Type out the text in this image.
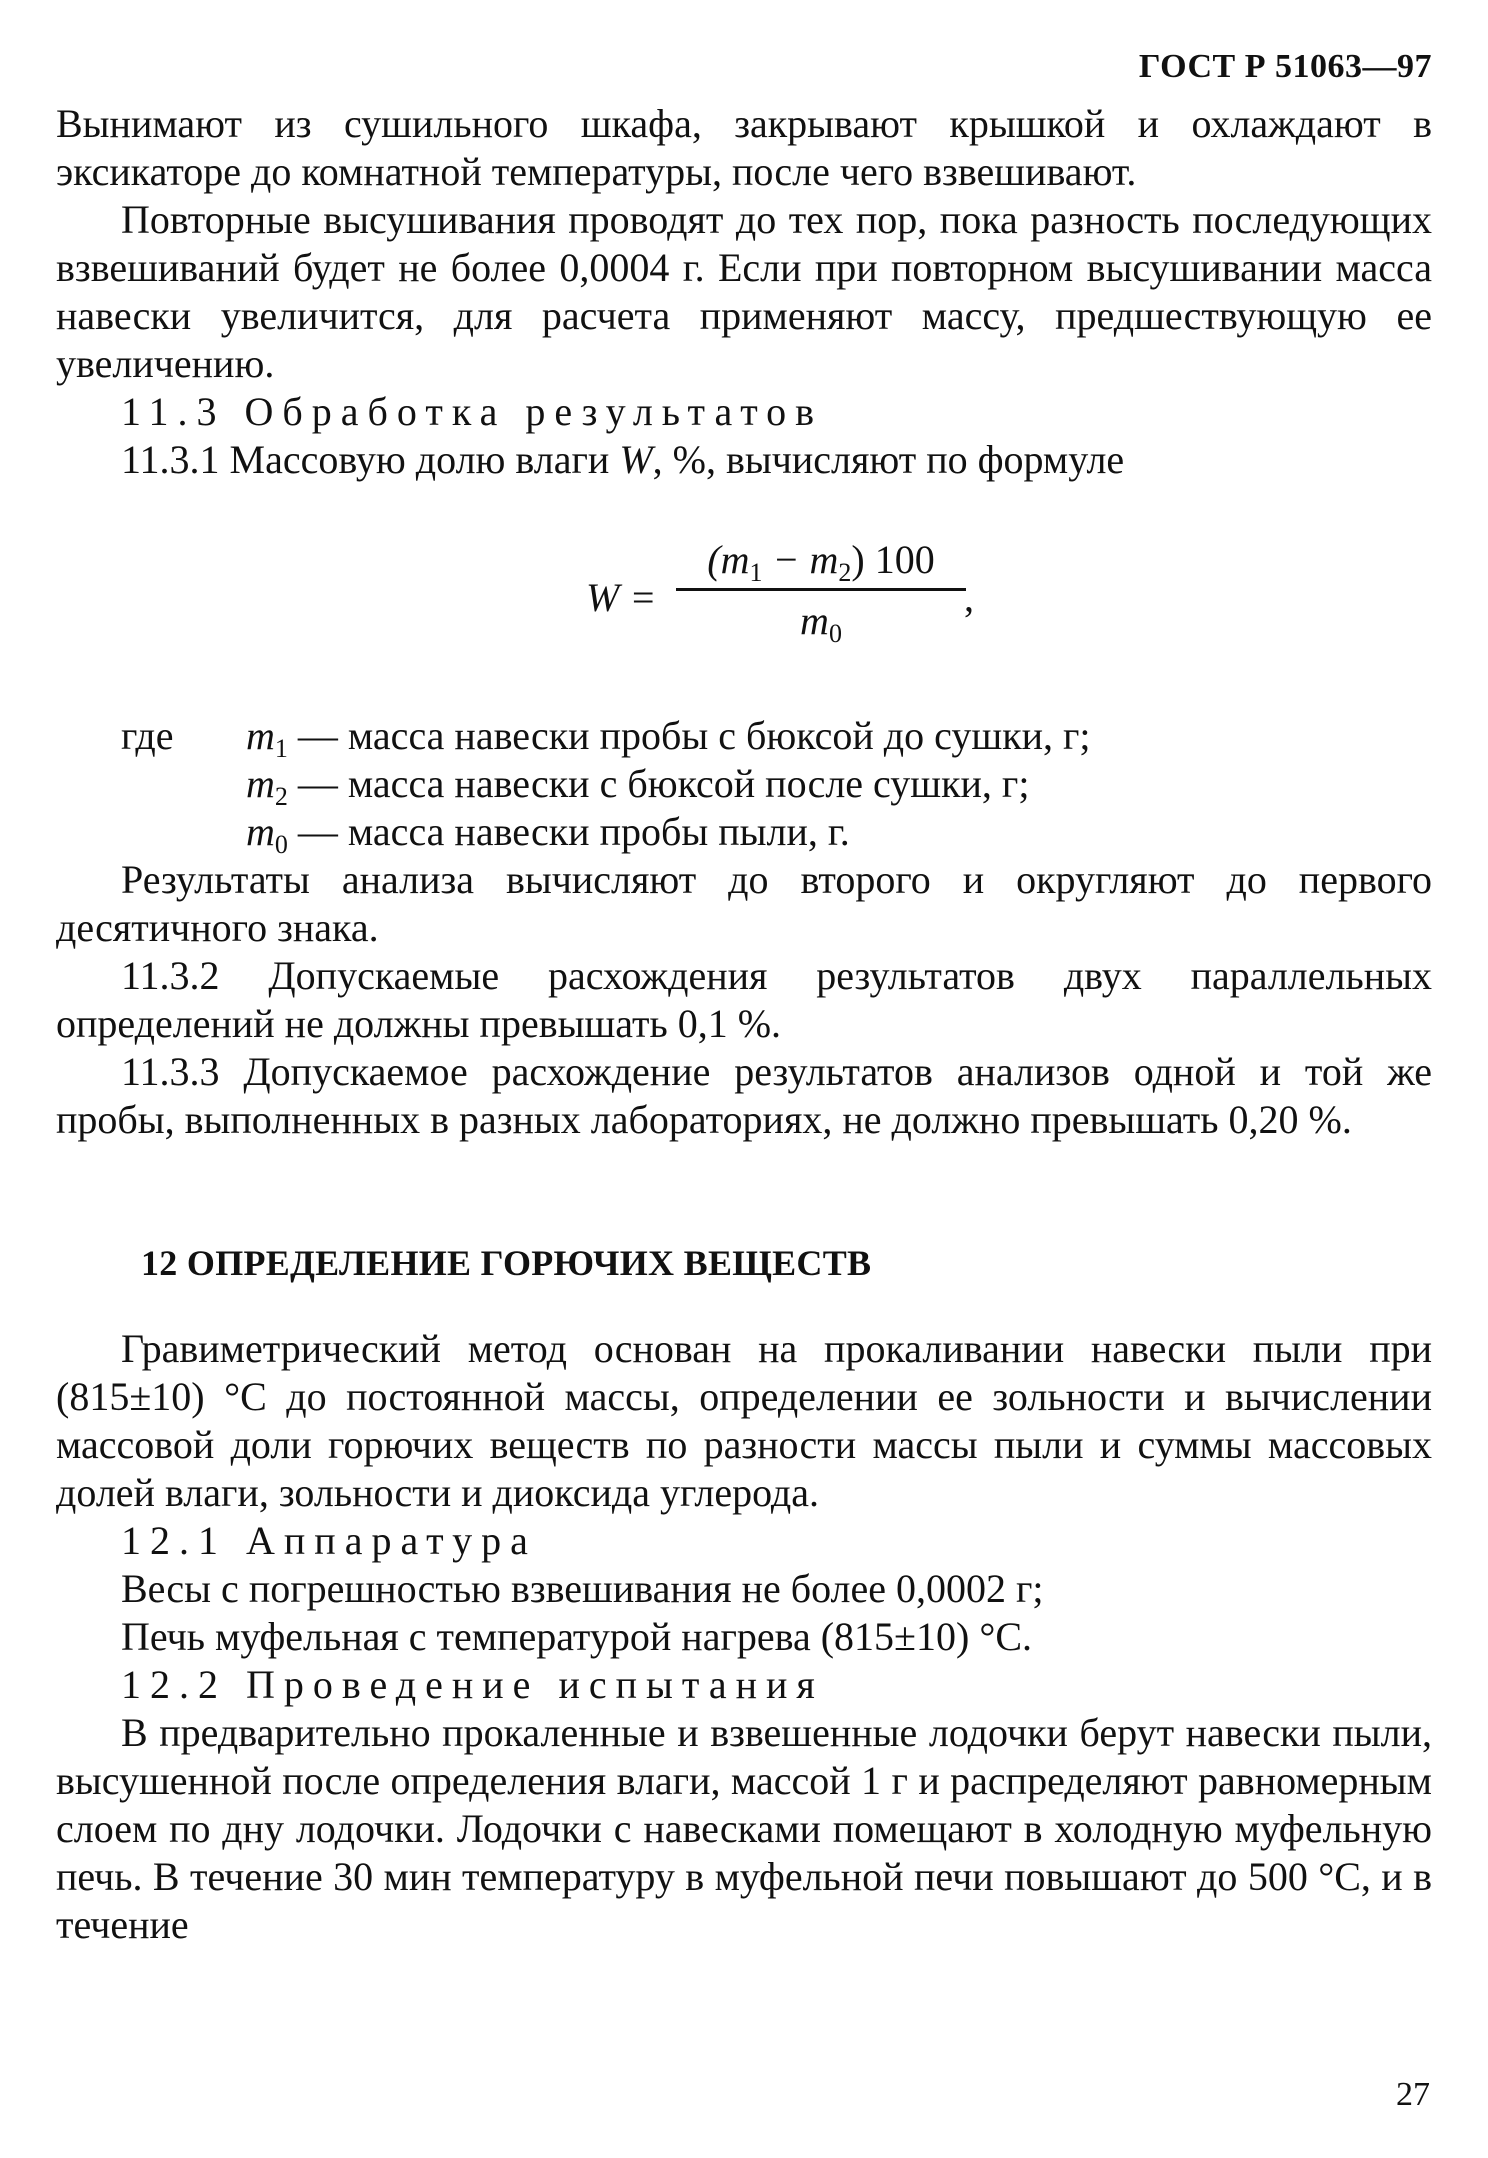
ГОСТ Р 51063—97

Вынимают из сушильного шкафа, закрывают крышкой и охлаждают в эксикаторе до комнатной температуры, после чего взвешивают.

Повторные высушивания проводят до тех пор, пока разность последующих взвешиваний будет не более 0,0004 г. Если при повторном высушивании масса навески увеличится, для расчета применяют массу, предшествующую ее увеличению.

11.3 Обработка результатов

11.3.1 Массовую долю влаги W, %, вычисляют по формуле

W =
$(m_1 - m_2)$ 100
$m_0$
,
где $m_1$ — масса навески пробы с бюксой до сушки, г;
$m_2$ — масса навески с бюксой после сушки, г;
$m_0$ — масса навески пробы пыли, г.

Результаты анализа вычисляют до второго и округляют до первого десятичного знака.

11.3.2 Допускаемые расхождения результатов двух параллельных определений не должны превышать 0,1 %.

11.3.3 Допускаемое расхождение результатов анализов одной и той же пробы, выполненных в разных лабораториях, не должно превышать 0,20 %.

12 ОПРЕДЕЛЕНИЕ ГОРЮЧИХ ВЕЩЕСТВ

Гравиметрический метод основан на прокаливании навески пыли при (815±10) °С до постоянной массы, определении ее зольности и вычислении массовой доли горючих веществ по разности массы пыли и суммы массовых долей влаги, зольности и диоксида углерода.

12.1 Аппаратура

Весы с погрешностью взвешивания не более 0,0002 г;

Печь муфельная с температурой нагрева (815±10) °С.

12.2 Проведение испытания

В предварительно прокаленные и взвешенные лодочки берут навески пыли, высушенной после определения влаги, массой 1 г и распределяют равномерным слоем по дну лодочки. Лодочки с навесками помещают в холодную муфельную печь. В течение 30 мин температуру в муфельной печи повышают до 500 °С, и в течение

27
